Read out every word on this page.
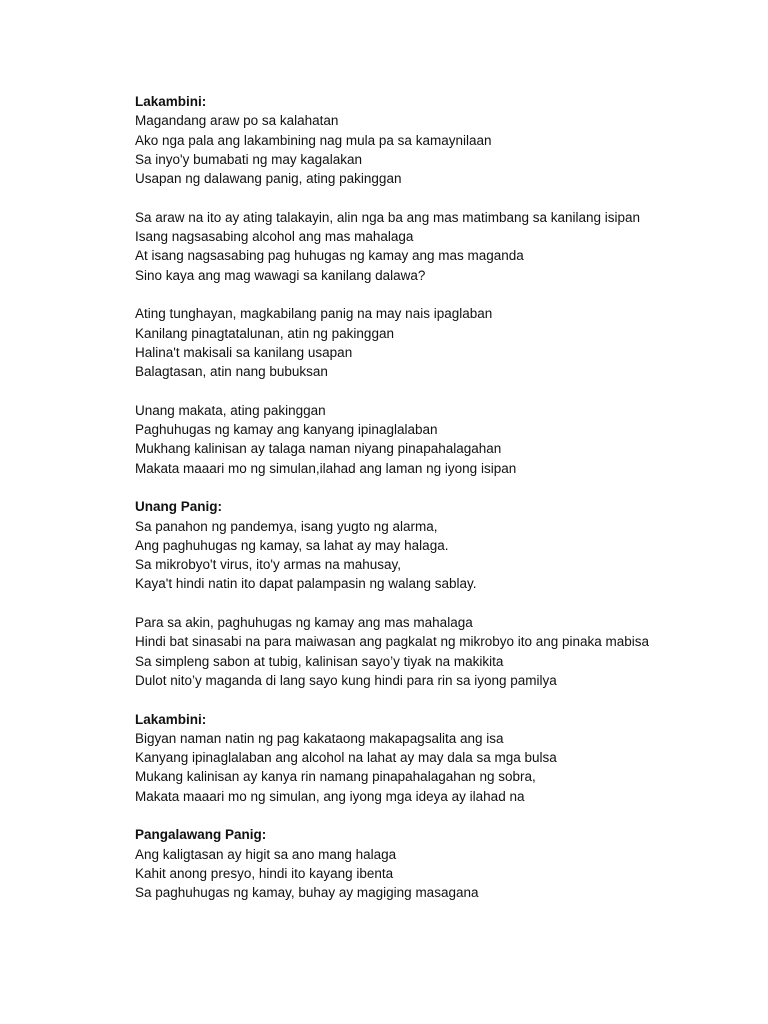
Lakambini:
Magandang araw po sa kalahatan
Ako nga pala ang lakambining nag mula pa sa kamaynilaan
Sa inyo'y bumabati ng may kagalakan
Usapan ng dalawang panig, ating pakinggan
Sa araw na ito ay ating talakayin, alin nga ba ang mas matimbang sa kanilang isipan
Isang nagsasabing alcohol ang mas mahalaga
At isang nagsasabing pag huhugas ng kamay ang mas maganda
Sino kaya ang mag wawagi sa kanilang dalawa?
Ating tunghayan, magkabilang panig na may nais ipaglaban
Kanilang pinagtatalunan, atin ng pakinggan
Halina't makisali sa kanilang usapan
Balagtasan, atin nang bubuksan
Unang makata, ating pakinggan
Paghuhugas ng kamay ang kanyang ipinaglalaban
Mukhang kalinisan ay talaga naman niyang pinapahalagahan
Makata maaari mo ng simulan,ilahad ang laman ng iyong isipan
Unang Panig:
Sa panahon ng pandemya, isang yugto ng alarma,
Ang paghuhugas ng kamay, sa lahat ay may halaga.
Sa mikrobyo't virus, ito'y armas na mahusay,
Kaya't hindi natin ito dapat palampasin ng walang sablay.
Para sa akin, paghuhugas ng kamay ang mas mahalaga
Hindi bat sinasabi na para maiwasan ang pagkalat ng mikrobyo ito ang pinaka mabisa
Sa simpleng sabon at tubig, kalinisan sayo’y tiyak na makikita
Dulot nito’y maganda di lang sayo kung hindi para rin sa iyong pamilya
Lakambini:
Bigyan naman natin ng pag kakataong makapagsalita ang isa
Kanyang ipinaglalaban ang alcohol na lahat ay may dala sa mga bulsa
Mukang kalinisan ay kanya rin namang pinapahalagahan ng sobra,
Makata maaari mo ng simulan, ang iyong mga ideya ay ilahad na
Pangalawang Panig:
Ang kaligtasan ay higit sa ano mang halaga
Kahit anong presyo, hindi ito kayang ibenta
Sa paghuhugas ng kamay, buhay ay magiging masagana
